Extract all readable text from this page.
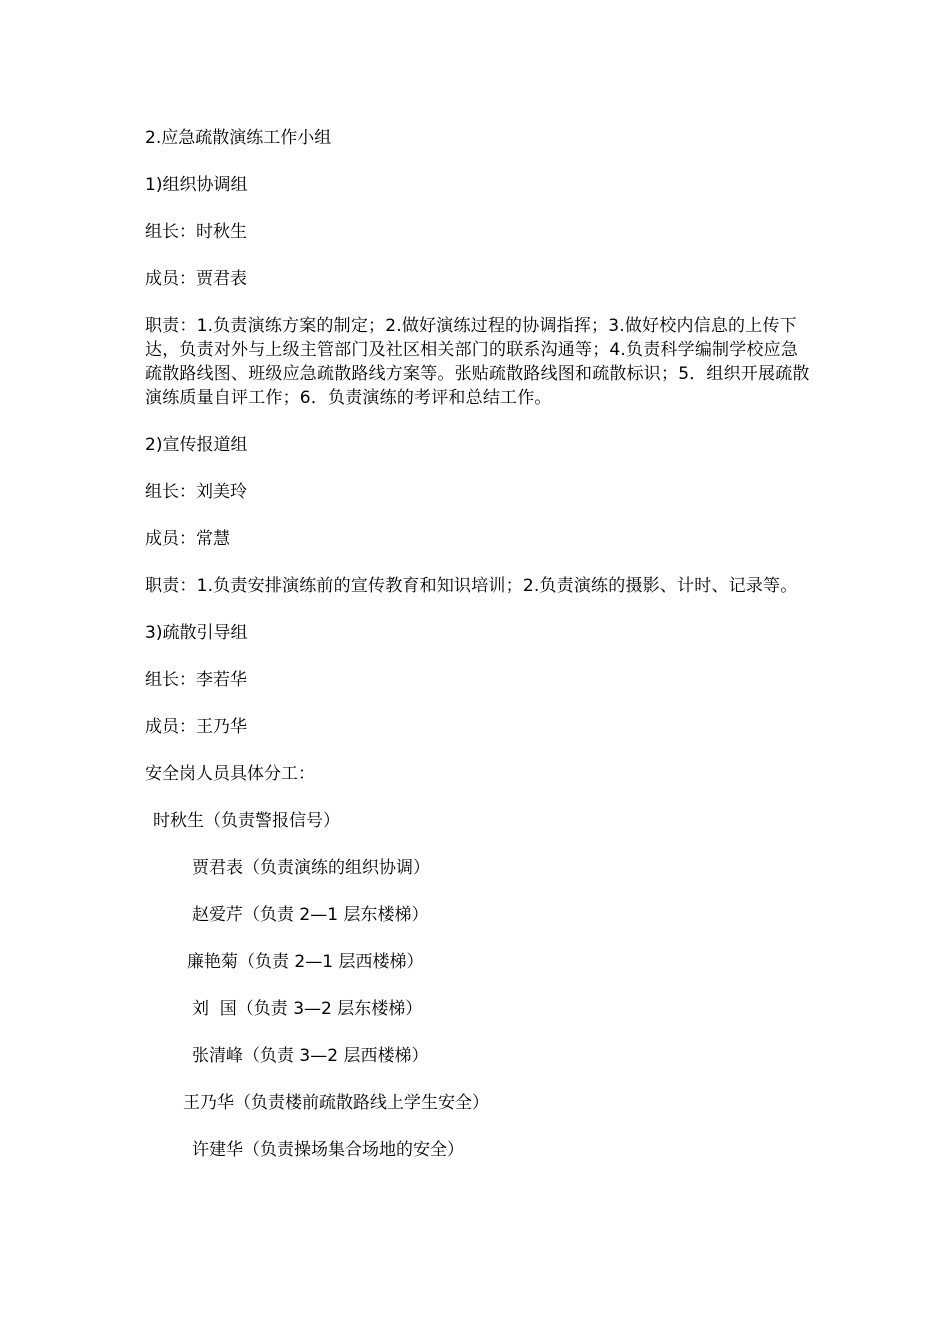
2.应急疏散演练工作小组
1)组织协调组
组长：时秋生
成员：贾君表
职责：1.负责演练方案的制定；2.做好演练过程的协调指挥；3.做好校内信息的上传下达，负责对外与上级主管部门及社区相关部门的联系沟通等；4.负责科学编制学校应急疏散路线图、班级应急疏散路线方案等。张贴疏散路线图和疏散标识；5．组织开展疏散演练质量自评工作；6．负责演练的考评和总结工作。
2)宣传报道组
组长：刘美玲
成员：常慧
职责：1.负责安排演练前的宣传教育和知识培训；2.负责演练的摄影、计时、记录等。
3)疏散引导组
组长：李若华
成员：王乃华
安全岗人员具体分工：
时秋生（负责警报信号）
贾君表（负责演练的组织协调）
赵爱芹（负责 2—1 层东楼梯）
廉艳菊（负责 2—1 层西楼梯）
刘  国（负责 3—2 层东楼梯）
张清峰（负责 3—2 层西楼梯）
王乃华（负责楼前疏散路线上学生安全）
许建华（负责操场集合场地的安全）
